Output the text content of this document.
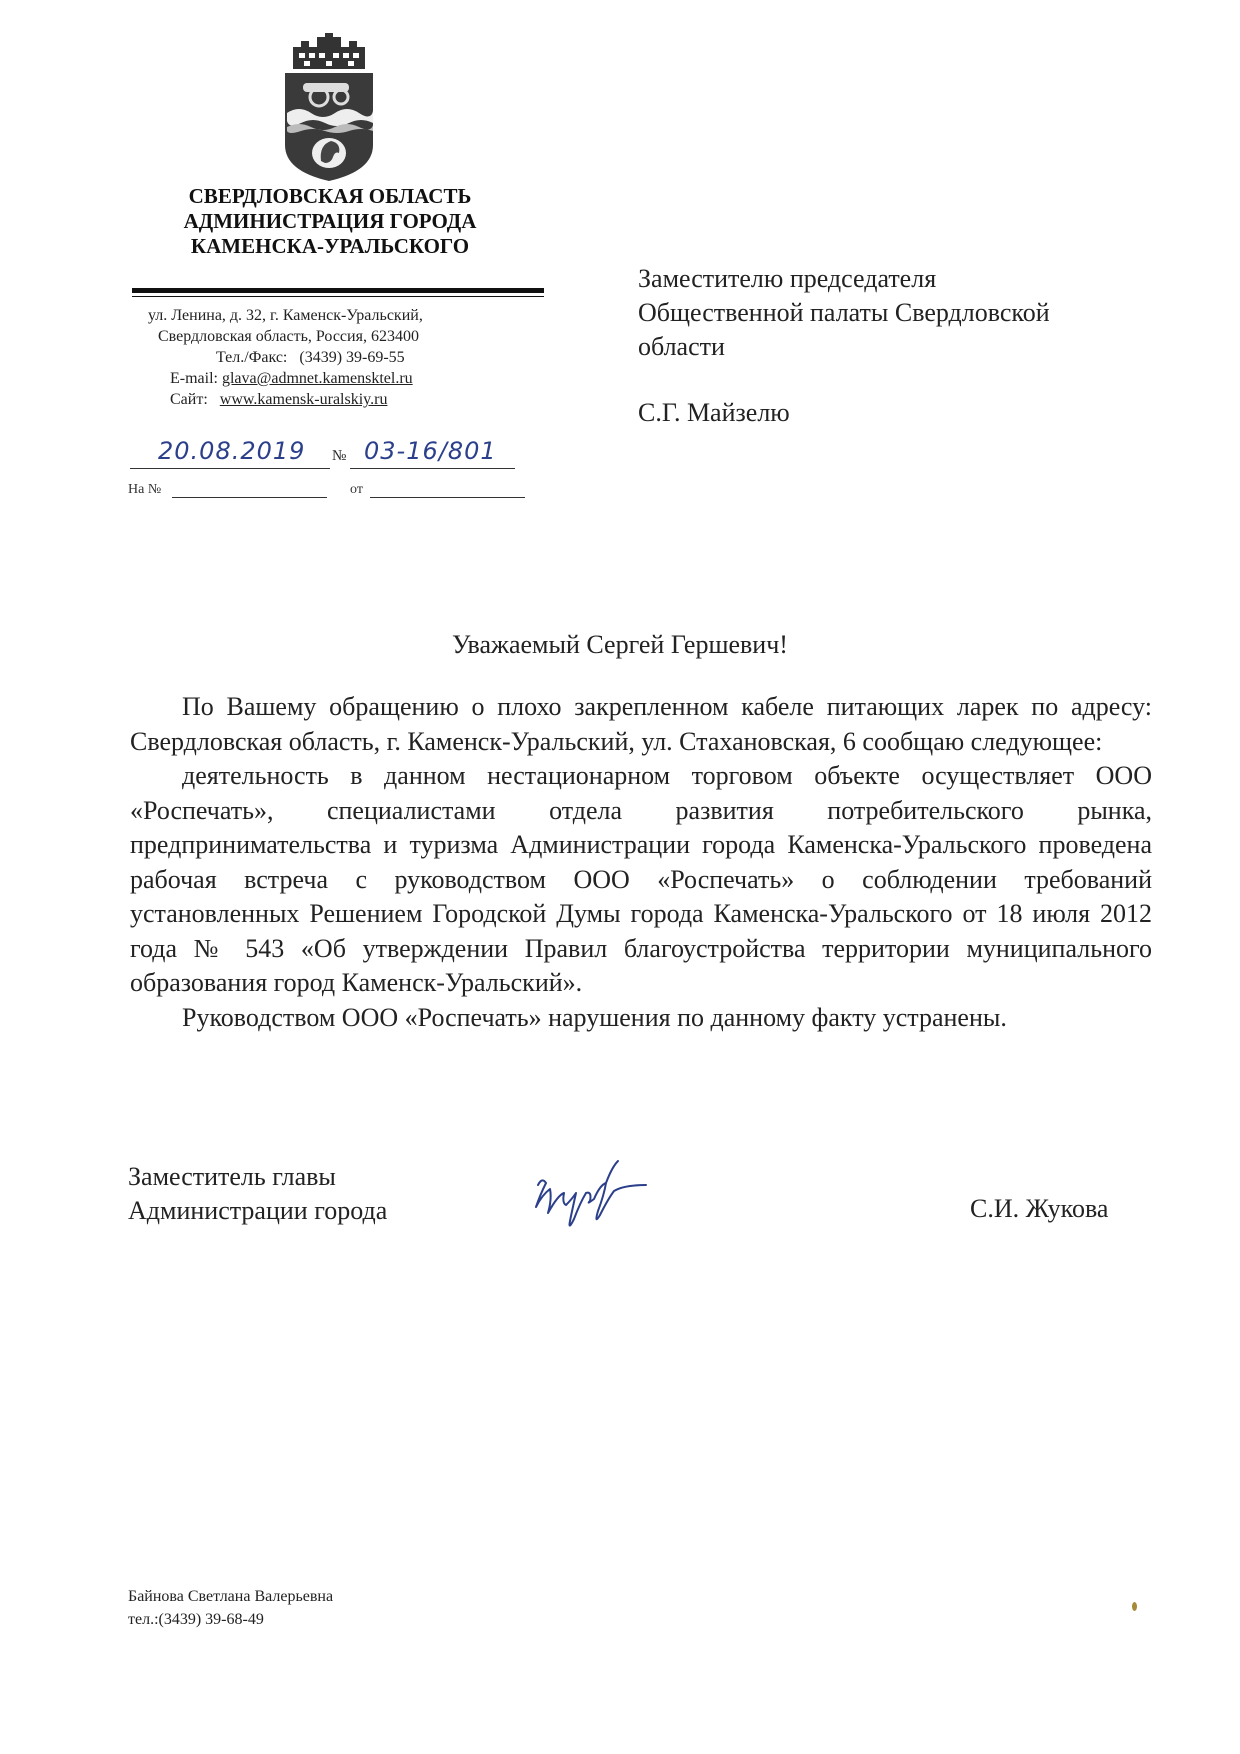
СВЕРДЛОВСКАЯ ОБЛАСТЬ
АДМИНИСТРАЦИЯ ГОРОДА
КАМЕНСКА-УРАЛЬСКОГО
ул. Ленина, д. 32, г. Каменск-Уральский,
Свердловская область, Россия, 623400
Тел./Факс: (3439) 39-69-55
E-mail: glava@admnet.kamensktel.ru
Сайт: www.kamensk-uralskiy.ru
20.08.2019 № 03-16/801
На №	от
Заместителю председателя
Общественной палаты Свердловской
области
С.Г. Майзелю
Уважаемый Сергей Гершевич!

По Вашему обращению о плохо закрепленном кабеле питающих ларек по адресу: Свердловская область, г. Каменск-Уральский, ул. Стахановская, 6 сообщаю следующее:

деятельность в данном нестационарном торговом объекте осуществляет ООО «Роспечать», специалистами отдела развития потребительского рынка, предпринимательства и туризма Администрации города Каменска-Уральского проведена рабочая встреча с руководством ООО «Роспечать» о соблюдении требований установленных Решением Городской Думы города Каменска-Уральского от 18 июля 2012 года № 543 «Об утверждении Правил благоустройства территории муниципального образования город Каменск-Уральский».

Руководством ООО «Роспечать» нарушения по данному факту устранены.

Заместитель главы
Администрации города	С.И. Жукова
Байнова Светлана Валерьевна
тел.:(3439) 39-68-49
